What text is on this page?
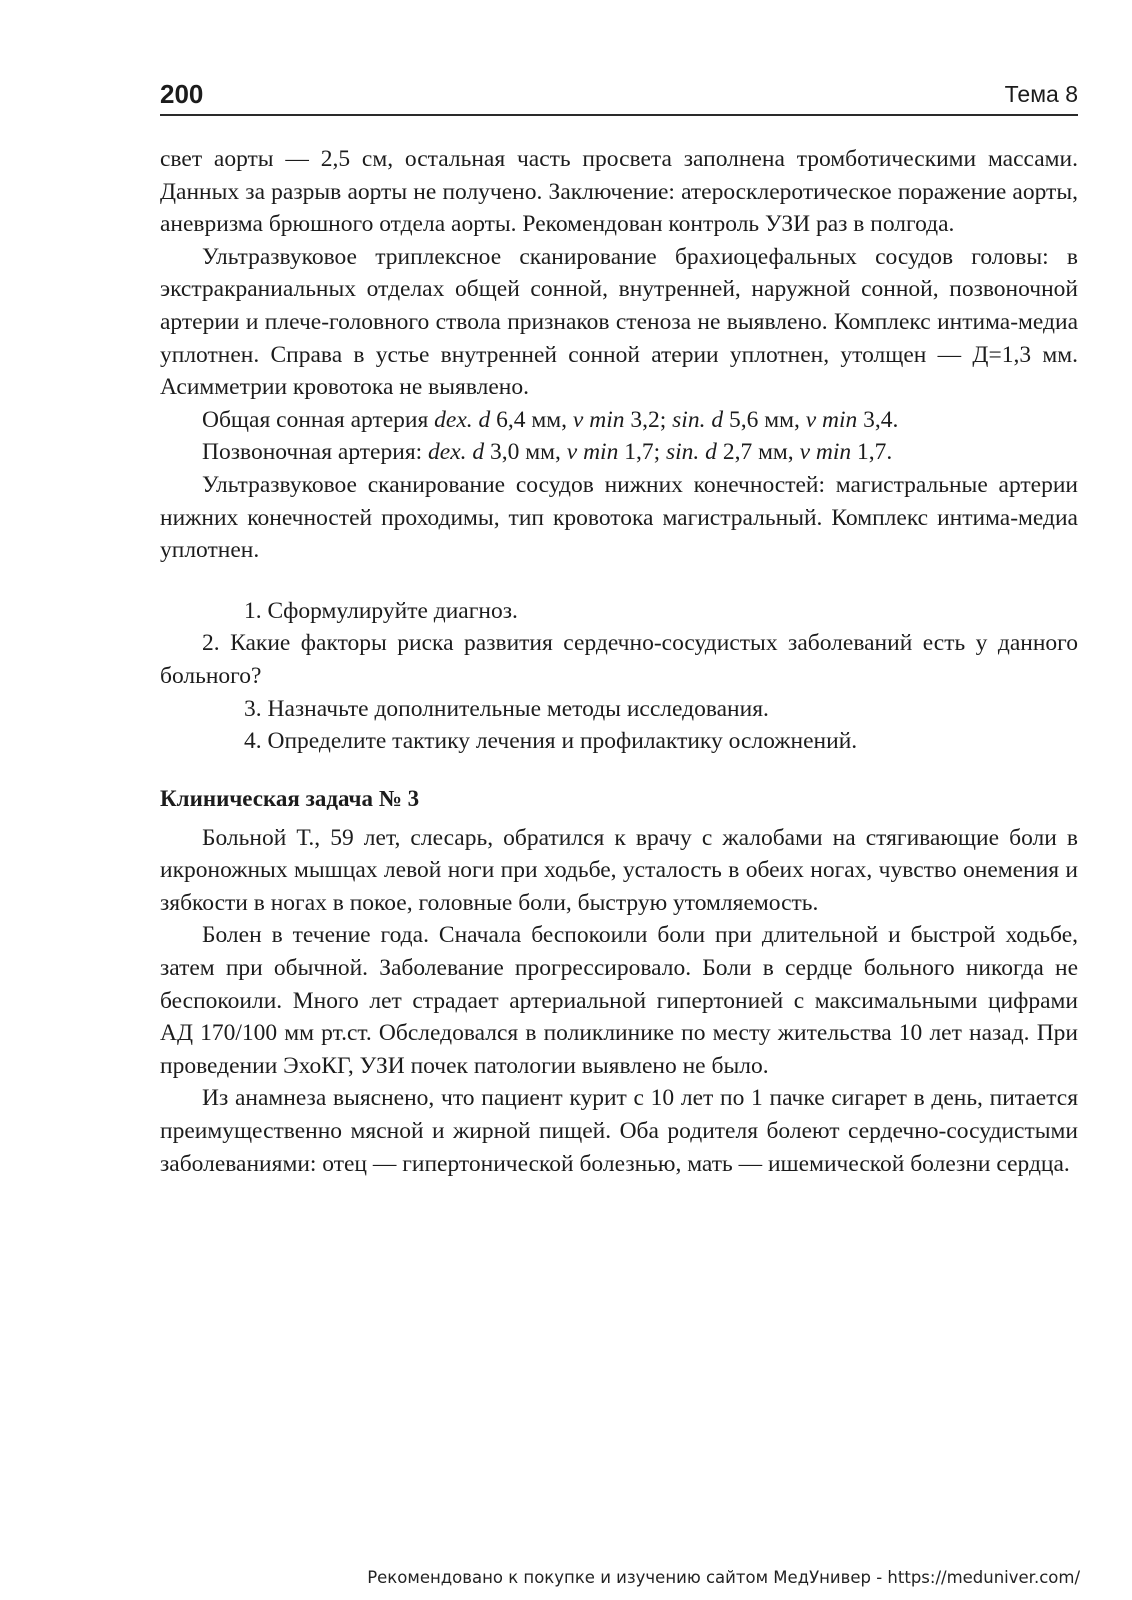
200	Тема 8

свет аорты — 2,5 см, остальная часть просвета заполнена тромботическими массами. Данных за разрыв аорты не получено. Заключение: атеросклеротическое поражение аорты, аневризма брюшного отдела аорты. Рекомендован контроль УЗИ раз в полгода.

Ультразвуковое триплексное сканирование брахиоцефальных сосудов головы: в экстракраниальных отделах общей сонной, внутренней, наружной сонной, позвоночной артерии и плече-головного ствола признаков стеноза не выявлено. Комплекс интима-медиа уплотнен. Справа в устье внутренней сонной атерии уплотнен, утолщен — Д=1,3 мм. Асимметрии кровотока не выявлено.

Общая сонная артерия dex. d 6,4 мм, v min 3,2; sin. d 5,6 мм, v min 3,4.

Позвоночная артерия: dex. d 3,0 мм, v min 1,7; sin. d 2,7 мм, v min 1,7.

Ультразвуковое сканирование сосудов нижних конечностей: магистральные артерии нижних конечностей проходимы, тип кровотока магистральный. Комплекс интима-медиа уплотнен.

1. Сформулируйте диагноз.

2. Какие факторы риска развития сердечно-сосудистых заболеваний есть у данного больного?

3. Назначьте дополнительные методы исследования.

4. Определите тактику лечения и профилактику осложнений.

Клиническая задача № 3

Больной Т., 59 лет, слесарь, обратился к врачу с жалобами на стягивающие боли в икроножных мышцах левой ноги при ходьбе, усталость в обеих ногах, чувство онемения и зябкости в ногах в покое, головные боли, быструю утомляемость.

Болен в течение года. Сначала беспокоили боли при длительной и быстрой ходьбе, затем при обычной. Заболевание прогрессировало. Боли в сердце больного никогда не беспокоили. Много лет страдает артериальной гипертонией с максимальными цифрами АД 170/100 мм рт.ст. Обследовался в поликлинике по месту жительства 10 лет назад. При проведении ЭхоКГ, УЗИ почек патологии выявлено не было.

Из анамнеза выяснено, что пациент курит с 10 лет по 1 пачке сигарет в день, питается преимущественно мясной и жирной пищей. Оба родителя болеют сердечно-сосудистыми заболеваниями: отец — гипертонической болезнью, мать — ишемической болезни сердца.

Рекомендовано к покупке и изучению сайтом МедУнивер - https://meduniver.com/
